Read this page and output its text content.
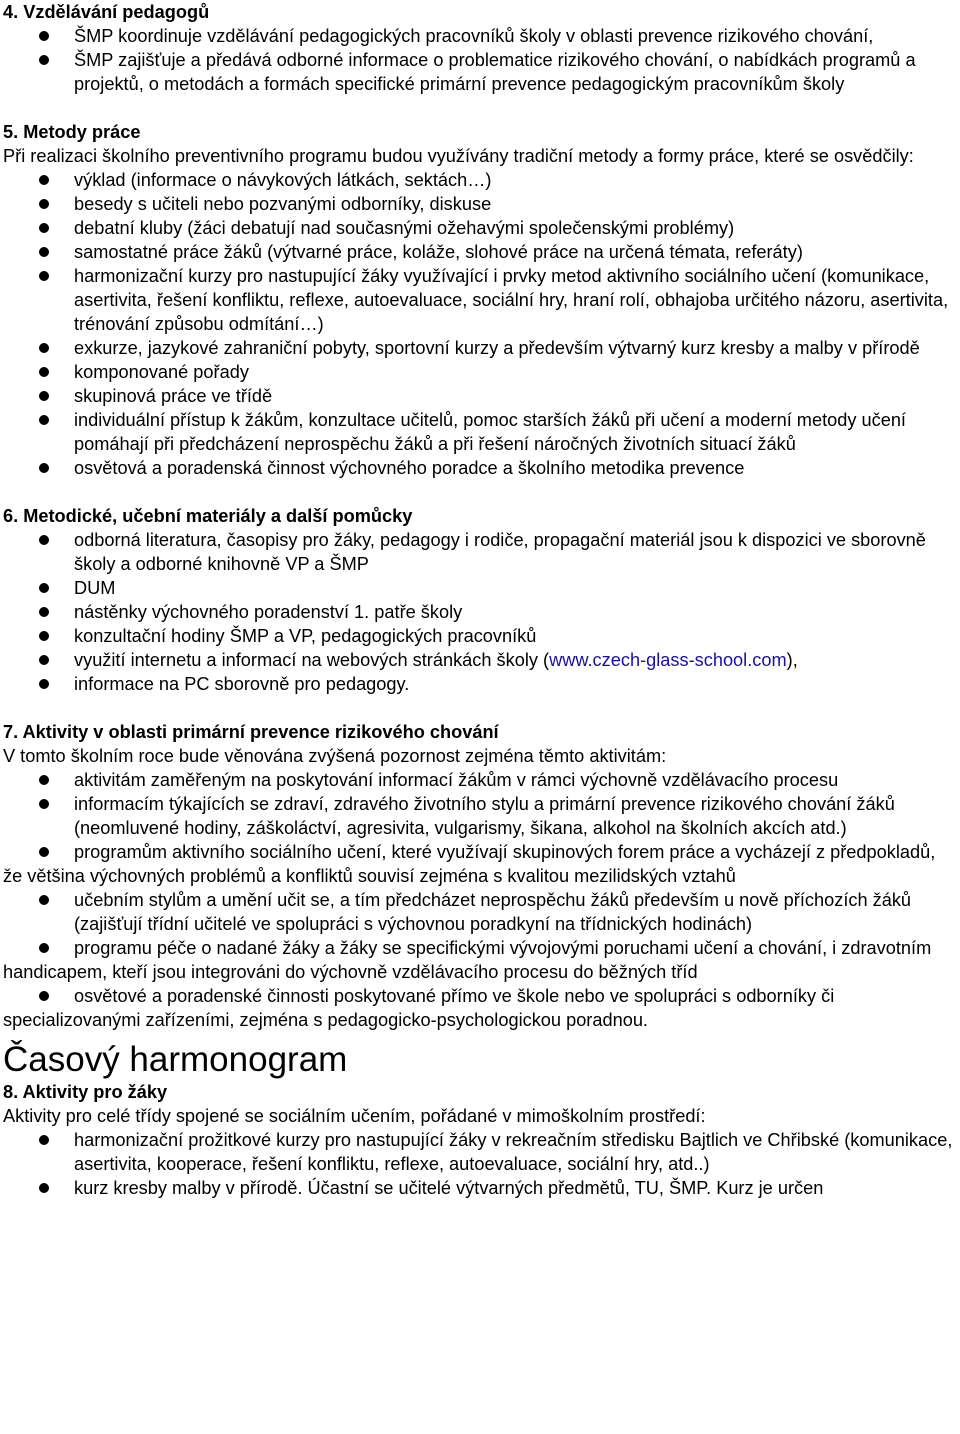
4. Vzdělávání pedagogů

ŠMP koordinuje vzdělávání pedagogických pracovníků školy v oblasti prevence rizikového chování,
ŠMP zajišťuje a předává odborné informace o problematice rizikového chování, o nabídkách programů a projektů, o metodách a formách specifické primární prevence pedagogickým pracovníkům školy

5. Metody práce

Při realizaci školního preventivního programu budou využívány tradiční metody a formy práce, které se osvědčily:

výklad (informace o návykových látkách, sektách…)
besedy s učiteli nebo pozvanými odborníky, diskuse
debatní kluby (žáci debatují nad současnými ožehavými společenskými problémy)
samostatné práce žáků (výtvarné práce, koláže, slohové práce na určená témata, referáty)
harmonizační kurzy pro nastupující žáky využívající i prvky metod aktivního sociálního učení (komunikace, asertivita, řešení konfliktu, reflexe, autoevaluace, sociální hry, hraní rolí, obhajoba určitého názoru, asertivita, trénování způsobu odmítání…)
exkurze, jazykové zahraniční pobyty, sportovní kurzy a především výtvarný kurz kresby a malby v přírodě
komponované pořady
skupinová práce ve třídě
individuální přístup k žákům, konzultace učitelů, pomoc starších žáků při učení a moderní metody učení pomáhají při předcházení neprospěchu žáků a při řešení náročných životních situací žáků
osvětová a poradenská činnost výchovného poradce a školního metodika prevence

6. Metodické, učební materiály a další pomůcky

odborná literatura, časopisy pro žáky, pedagogy i rodiče, propagační materiál jsou k dispozici ve sborovně školy a odborné knihovně VP a ŠMP
DUM
nástěnky výchovného poradenství 1. patře školy
konzultační hodiny ŠMP a VP, pedagogických pracovníků
využití internetu a informací na webových stránkách školy (www.czech-glass-school.com),
informace na PC sborovně pro pedagogy.

7. Aktivity v oblasti primární prevence rizikového chování

V tomto školním roce bude věnována zvýšená pozornost zejména těmto aktivitám:

aktivitám zaměřeným na poskytování informací žákům v rámci výchovně vzdělávacího procesu
informacím týkajících se zdraví, zdravého životního stylu a primární prevence rizikového chování žáků (neomluvené hodiny, záškoláctví, agresivita, vulgarismy, šikana, alkohol na školních akcích atd.)

programům aktivního sociálního učení, které využívají skupinových forem práce a vycházejí z předpokladů, že většina výchovných problémů a konfliktů souvisí zejména s kvalitou mezilidských vztahů

učebním stylům a umění učit se, a tím předcházet neprospěchu žáků především u nově příchozích žáků (zajišťují třídní učitelé ve spolupráci s výchovnou poradkyní na třídnických hodinách)

programu péče o nadané žáky a žáky se specifickými vývojovými poruchami učení a chování, i zdravotním handicapem, kteří jsou integrováni do výchovně vzdělávacího procesu do běžných tříd

osvětové a poradenské činnosti poskytované přímo ve škole nebo ve spolupráci s odborníky či specializovanými zařízeními, zejména s pedagogicko-psychologickou poradnou.

Časový harmonogram

8. Aktivity pro žáky

Aktivity pro celé třídy spojené se sociálním učením, pořádané v mimoškolním prostředí:

harmonizační prožitkové kurzy pro nastupující žáky v rekreačním středisku Bajtlich ve Chřibské (komunikace, asertivita, kooperace, řešení konfliktu, reflexe, autoevaluace, sociální hry, atd..)
kurz kresby malby v přírodě. Účastní se učitelé výtvarných předmětů, TU, ŠMP. Kurz je určen
